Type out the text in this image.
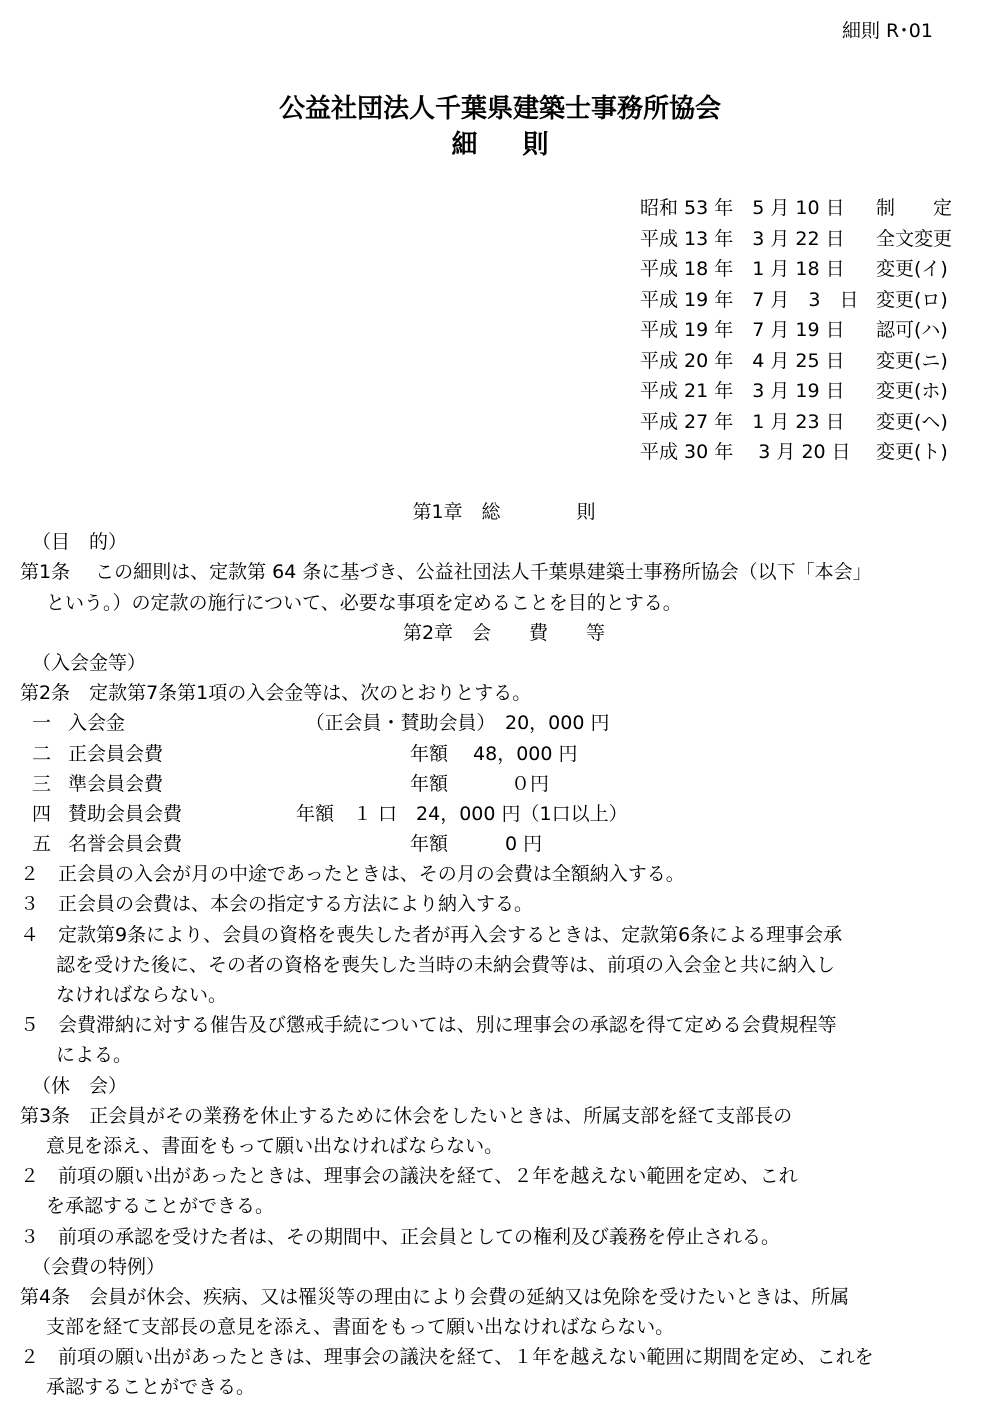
細則 R･01
公益社団法人千葉県建築士事務所協会
細 則
昭和 53 年　5 月 10 日	制　　定
平成 13 年　3 月 22 日	全文変更
平成 18 年　1 月 18 日	変更(イ)
平成 19 年　7 月　3　日 変更(ロ)
平成 19 年　7 月 19 日	認可(ハ)
平成 20 年　4 月 25 日	変更(ニ)
平成 21 年　3 月 19 日	変更(ホ)
平成 27 年　1 月 23 日	変更(ヘ)
平成 30 年　 3 月 20 日	変更(ト)
第1章　総　　　　則
（目　的）
第1条　 この細則は、定款第 64 条に基づき、公益社団法人千葉県建築士事務所協会（以下「本会」
という。）の定款の施行について、必要な事項を定めることを目的とする。
第2章　会　　費　　等
（入会金等）
第2条　定款第7条第1項の入会金等は、次のとおりとする。
一 入会金	　　　（正会員・賛助会員）　20，000 円
二 正会員会費	　　　　　　　　年額　 48，000 円
三 準会員会費	　　　　　　　　年額　　　 ０円
四 賛助会員会費	　　年額　１ 口　24，000 円（1口以上）
五 名誉会員会費	　　　　　　　　年額　　　0 円
２　正会員の入会が月の中途であったときは、その月の会費は全額納入する。
３　正会員の会費は、本会の指定する方法により納入する。
４　定款第9条により、会員の資格を喪失した者が再入会するときは、定款第6条による理事会承
認を受けた後に、その者の資格を喪失した当時の未納会費等は、前項の入会金と共に納入し
なければならない。
５　会費滞納に対する催告及び懲戒手続については、別に理事会の承認を得て定める会費規程等
による。
（休　会）
第3条　正会員がその業務を休止するために休会をしたいときは、所属支部を経て支部長の
意見を添え、書面をもって願い出なければならない。
２　前項の願い出があったときは、理事会の議決を経て、２年を越えない範囲を定め、これ
を承認することができる。
３　前項の承認を受けた者は、その期間中、正会員としての権利及び義務を停止される。
（会費の特例）
第4条　会員が休会、疾病、又は罹災等の理由により会費の延納又は免除を受けたいときは、所属
支部を経て支部長の意見を添え、書面をもって願い出なければならない。
２　前項の願い出があったときは、理事会の議決を経て、１年を越えない範囲に期間を定め、これを
承認することができる。
